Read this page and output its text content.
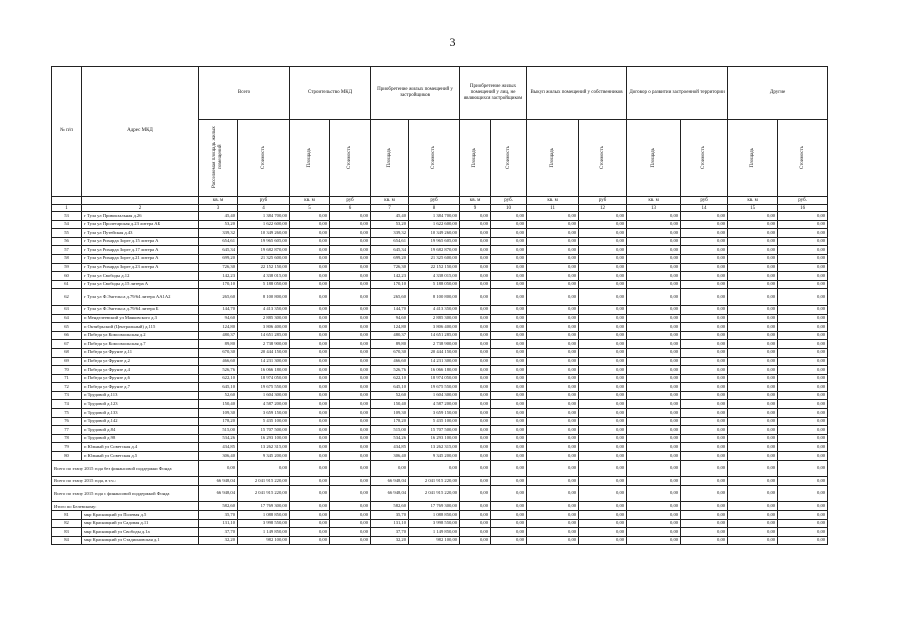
3
№ п/п	Адрес МКД	Всего		Строительство МКД		Приобретение жилых помещений у застройщиков		Приобретение жилых помещений у лиц, не являющихся застройщиком		Выкуп жилых помещений у собственников		Договор о развитии застроенной территории		Другие	
		Расселяемая площадь жилых помещений	Стоимость	Площадь	Стоимость	Площадь	Стоимость	Площадь	Стоимость	Площадь	Стоимость	Площадь	Стоимость	Площадь	Стоимость
		кв. м	руб	кв. м	руб	кв. м	руб	кв. м	руб.	кв. м	руб	кв. м	руб	кв. м	руб.
1	2	3	4	5	6	7	8	9	10	11	12	13	14	15	16
53	г Тула ул Привокзальная д.26	45,40	1 384 700,00	0,00	0,00	45,40	1 384 700,00	0,00	0,00	0,00	0,00	0,00	0,00	0,00	0,00
54	г Тула ул Пролетарская д.23 литера АБ	53,20	1 622 600,00	0,00	0,00	53,20	1 622 600,00	0,00	0,00	0,00	0,00	0,00	0,00	0,00	0,00
55	г Тула ул Путейская д.43	339,32	10 349 260,00	0,00	0,00	339,32	10 349 260,00	0,00	0,00	0,00	0,00	0,00	0,00	0,00	0,00
56	г Тула ул Рихарда Зорге д.15 литера А	654,61	19 965 605,00	0,00	0,00	654,61	19 965 605,00	0,00	0,00	0,00	0,00	0,00	0,00	0,00	0,00
57	г Тула ул Рихарда Зорге д.17 литера А	645,34	19 682 870,00	0,00	0,00	645,34	19 682 870,00	0,00	0,00	0,00	0,00	0,00	0,00	0,00	0,00
58	г Тула ул Рихарда Зорге д.21 литера А	699,20	21 325 600,00	0,00	0,00	699,20	21 325 600,00	0,00	0,00	0,00	0,00	0,00	0,00	0,00	0,00
59	г Тула ул Рихарда Зорге д.23 литера А	726,30	22 152 150,00	0,00	0,00	726,30	22 152 150,00	0,00	0,00	0,00	0,00	0,00	0,00	0,00	0,00
60	г Тула ул Свободы д.12	142,23	4 338 015,00	0,00	0,00	142,23	4 338 015,00	0,00	0,00	0,00	0,00	0,00	0,00	0,00	0,00
61	г Тула ул Свободы д.15 литера А	170,10	5 188 050,00	0,00	0,00	170,10	5 188 050,00	0,00	0,00	0,00	0,00	0,00	0,00	0,00	0,00
62	г Тула ул Ф.Энгельса д.79/64 литера АА1А2	265,60	8 100 800,00	0,00	0,00	265,60	8 100 800,00	0,00	0,00	0,00	0,00	0,00	0,00	0,00	0,00
63	г Тула ул Ф.Энгельса д.79/64 литера Б	144,70	4 413 350,00	0,00	0,00	144,70	4 413 350,00	0,00	0,00	0,00	0,00	0,00	0,00	0,00	0,00
64	п Менделеевский ул Маяковского д.3	94,60	2 885 300,00	0,00	0,00	94,60	2 885 300,00	0,00	0,00	0,00	0,00	0,00	0,00	0,00	0,00
65	п Октябрьский (Центральный) д.115	124,80	3 806 400,00	0,00	0,00	124,80	3 806 400,00	0,00	0,00	0,00	0,00	0,00	0,00	0,00	0,00
66	п Победа ул Комсомольская д.2	480,37	14 651 285,00	0,00	0,00	480,37	14 651 285,00	0,00	0,00	0,00	0,00	0,00	0,00	0,00	0,00
67	п Победа ул Комсомольская д.7	89,80	2 738 900,00	0,00	0,00	89,80	2 738 900,00	0,00	0,00	0,00	0,00	0,00	0,00	0,00	0,00
68	п Победа ул Фрунзе д.11	670,30	20 444 150,00	0,00	0,00	670,30	20 444 150,00	0,00	0,00	0,00	0,00	0,00	0,00	0,00	0,00
69	п Победа ул Фрунзе д.2	466,60	14 231 300,00	0,00	0,00	466,60	14 231 300,00	0,00	0,00	0,00	0,00	0,00	0,00	0,00	0,00
70	п Победа ул Фрунзе д.4	526,76	16 066 180,00	0,00	0,00	526,76	16 066 180,00	0,00	0,00	0,00	0,00	0,00	0,00	0,00	0,00
71	п Победа ул Фрунзе д.6	622,10	18 974 050,00	0,00	0,00	622,10	18 974 050,00	0,00	0,00	0,00	0,00	0,00	0,00	0,00	0,00
72	п Победа ул Фрунзе д.7	645,10	19 675 550,00	0,00	0,00	645,10	19 675 550,00	0,00	0,00	0,00	0,00	0,00	0,00	0,00	0,00
73	п Трудовой д.113	52,60	1 604 300,00	0,00	0,00	52,60	1 604 300,00	0,00	0,00	0,00	0,00	0,00	0,00	0,00	0,00
74	п Трудовой д.123	150,40	4 587 200,00	0,00	0,00	150,40	4 587 200,00	0,00	0,00	0,00	0,00	0,00	0,00	0,00	0,00
75	п Трудовой д.133	109,30	3 659 150,00	0,00	0,00	109,30	3 659 150,00	0,00	0,00	0,00	0,00	0,00	0,00	0,00	0,00
76	п Трудовой д.142	178,20	5 435 100,00	0,00	0,00	178,20	5 435 100,00	0,00	0,00	0,00	0,00	0,00	0,00	0,00	0,00
77	п Трудовой д.84	515,00	15 707 500,00	0,00	0,00	515,00	15 707 500,00	0,00	0,00	0,00	0,00	0,00	0,00	0,00	0,00
78	п Трудовой д.98	534,26	16 293 100,00	0,00	0,00	534,26	16 293 100,00	0,00	0,00	0,00	0,00	0,00	0,00	0,00	0,00
79	п Южный ул Советская д.4	434,85	13 262 315,00	0,00	0,00	434,85	13 262 315,00	0,00	0,00	0,00	0,00	0,00	0,00	0,00	0,00
80	п Южный ул Советская д.5	306,40	9 345 200,00	0,00	0,00	306,40	9 345 200,00	0,00	0,00	0,00	0,00	0,00	0,00	0,00	0,00
Всего по этапу 2015 года без финансовой поддержки Фонда		0,00	0,00	0,00	0,00	0,00	0,00	0,00	0,00	0,00	0,00	0,00	0,00	0,00	0,00
Всего по этапу 2015 года, в т.ч.:		66 948,04	2 041 915 220,00	0,00	0,00	66 948,04	2 041 915 220,00	0,00	0,00	0,00	0,00	0,00	0,00	0,00	0,00
Всего по этапу 2015 года с финансовой поддержкой Фонда		66 948,04	2 041 915 220,00	0,00	0,00	66 948,04	2 041 915 220,00	0,00	0,00	0,00	0,00	0,00	0,00	0,00	0,00
Итого по Белевскому:		582,60	17 769 300,00	0,00	0,00	582,60	17 769 300,00	0,00	0,00	0,00	0,00	0,00	0,00	0,00	0,00
81	мкр Красницкий ул Полевая д.5	35,70	1 088 850,00	0,00	0,00	35,70	1 088 850,00	0,00	0,00	0,00	0,00	0,00	0,00	0,00	0,00
82	мкр Красницкий ул Садовая д.11	131,10	3 998 550,00	0,00	0,00	131,10	3 998 550,00	0,00	0,00	0,00	0,00	0,00	0,00	0,00	0,00
83	мкр Красницкий ул Свободы д.1а	37,70	1 149 850,00	0,00	0,00	37,70	1 149 850,00	0,00	0,00	0,00	0,00	0,00	0,00	0,00	0,00
84	мкр Красницкий ул Стадионовская д.1	32,20	982 100,00	0,00	0,00	32,20	982 100,00	0,00	0,00	0,00	0,00	0,00	0,00	0,00	0,00
